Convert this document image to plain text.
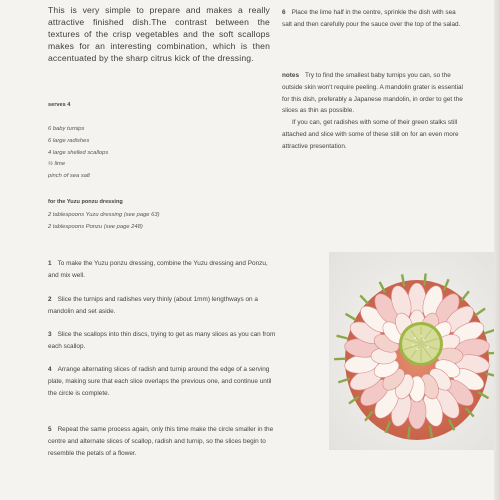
This is very simple to prepare and makes a really attractive finished dish.The contrast between the textures of the crisp vegetables and the soft scallops makes for an interesting combination, which is then accentuated by the sharp citrus kick of the dressing.
serves 4
6 baby turnips
6 large radishes
4 large shelled scallops
½ lime
pinch of sea salt
for the Yuzu ponzu dressing
2 tablespoons Yuzu dressing (see page 63)
2 tablespoons Ponzu (see page 248)
1 To make the Yuzu ponzu dressing, combine the Yuzu dressing and Ponzu, and mix well.
2 Slice the turnips and radishes very thinly (about 1mm) lengthways on a mandolin and set aside.
3 Slice the scallops into thin discs, trying to get as many slices as you can from each scallop.
4 Arrange alternating slices of radish and turnip around the edge of a serving plate, making sure that each slice overlaps the previous one, and continue until the circle is complete.
5 Repeat the same process again, only this time make the circle smaller in the centre and alternate slices of scallop, radish and turnip, so the slices begin to resemble the petals of a flower.
6 Place the lime half in the centre, sprinkle the dish with sea salt and then carefully pour the sauce over the top of the salad.
notes Try to find the smallest baby turnips you can, so the outside skin won't require peeling. A mandolin grater is essential for this dish, preferably a Japanese mandolin, in order to get the slices as thin as possible.
If you can, get radishes with some of their green stalks still attached and slice with some of these still on for an even more attractive presentation.
